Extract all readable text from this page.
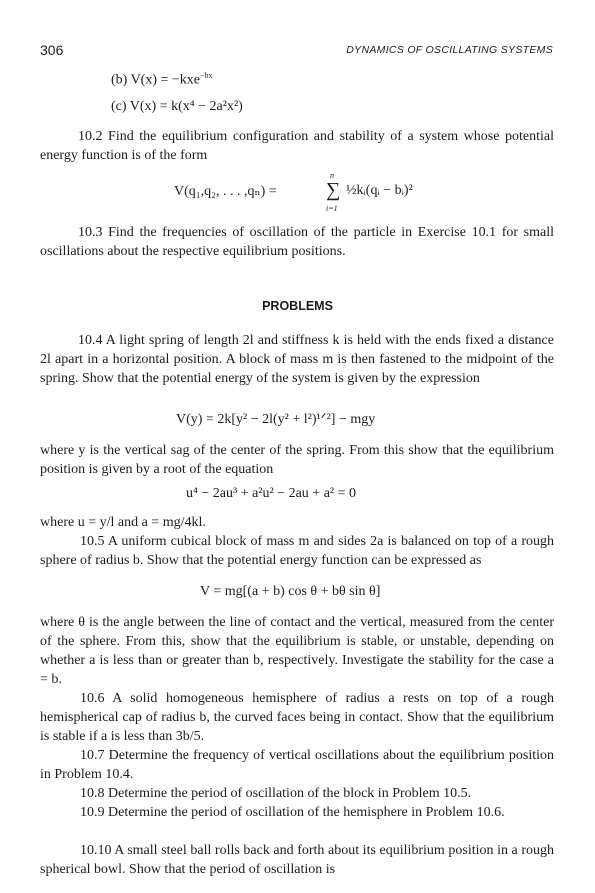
306	DYNAMICS OF OSCILLATING SYSTEMS
(b) V(x) = −kxe$^{-bx}$
(c) V(x) = k(x⁴ − 2a²x²)
10.2 Find the equilibrium configuration and stability of a system whose potential energy function is of the form
V(q₁,q₂, . . . ,qₙ) =
n
∑
i=1
½kᵢ(qᵢ − bᵢ)²
10.3 Find the frequencies of oscillation of the particle in Exercise 10.1 for small oscillations about the respective equilibrium positions.
PROBLEMS
10.4 A light spring of length 2l and stiffness k is held with the ends fixed a distance 2l apart in a horizontal position. A block of mass m is then fastened to the midpoint of the spring. Show that the potential energy of the system is given by the expression
V(y) = 2k[y² − 2l(y² + l²)¹ᐟ²] − mgy
where y is the vertical sag of the center of the spring. From this show that the equilibrium position is given by a root of the equation
u⁴ − 2au³ + a²u² − 2au + a² = 0
where u = y/l and a = mg/4kl.
10.5 A uniform cubical block of mass m and sides 2a is balanced on top of a rough sphere of radius b. Show that the potential energy function can be expressed as
V = mg[(a + b) cos θ + bθ sin θ]
where θ is the angle between the line of contact and the vertical, measured from the center of the sphere. From this, show that the equilibrium is stable, or unstable, depending on whether a is less than or greater than b, respectively. Investigate the stability for the case a = b.
10.6 A solid homogeneous hemisphere of radius a rests on top of a rough hemispherical cap of radius b, the curved faces being in contact. Show that the equilibrium is stable if a is less than 3b/5.
10.7 Determine the frequency of vertical oscillations about the equilibrium position in Problem 10.4.
10.8 Determine the period of oscillation of the block in Problem 10.5.
10.9 Determine the period of oscillation of the hemisphere in Problem 10.6.
10.10 A small steel ball rolls back and forth about its equilibrium position in a rough spherical bowl. Show that the period of oscillation is
